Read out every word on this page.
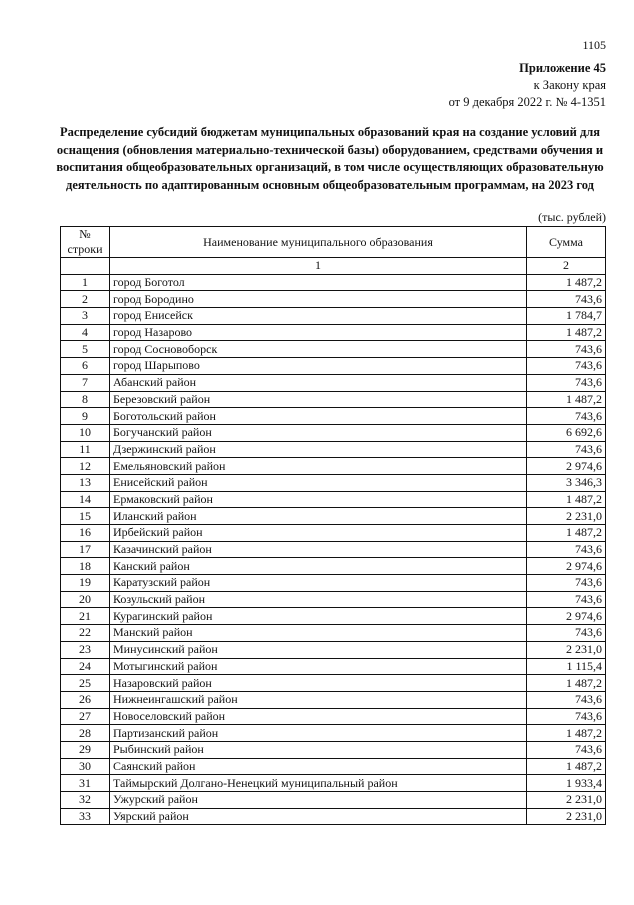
1105
Приложение 45
к Закону края
от 9 декабря 2022 г. № 4-1351
Распределение субсидий бюджетам муниципальных образований края на создание условий для оснащения (обновления материально-технической базы) оборудованием, средствами обучения и воспитания общеобразовательных организаций, в том числе осуществляющих образовательную деятельность по адаптированным основным общеобразовательным программам, на 2023 год
(тыс. рублей)
№ строки	Наименование муниципального образования	Сумма
	1	2
1	город Боготол	1 487,2
2	город Бородино	743,6
3	город Енисейск	1 784,7
4	город Назарово	1 487,2
5	город Сосновоборск	743,6
6	город Шарыпово	743,6
7	Абанский район	743,6
8	Березовский район	1 487,2
9	Боготольский район	743,6
10	Богучанский район	6 692,6
11	Дзержинский район	743,6
12	Емельяновский район	2 974,6
13	Енисейский район	3 346,3
14	Ермаковский район	1 487,2
15	Иланский район	2 231,0
16	Ирбейский район	1 487,2
17	Казачинский район	743,6
18	Канский район	2 974,6
19	Каратузский район	743,6
20	Козульский район	743,6
21	Курагинский район	2 974,6
22	Манский район	743,6
23	Минусинский район	2 231,0
24	Мотыгинский район	1 115,4
25	Назаровский район	1 487,2
26	Нижнеингашский район	743,6
27	Новоселовский район	743,6
28	Партизанский район	1 487,2
29	Рыбинский район	743,6
30	Саянский район	1 487,2
31	Таймырский Долгано-Ненецкий муниципальный район	1 933,4
32	Ужурский район	2 231,0
33	Уярский район	2 231,0
